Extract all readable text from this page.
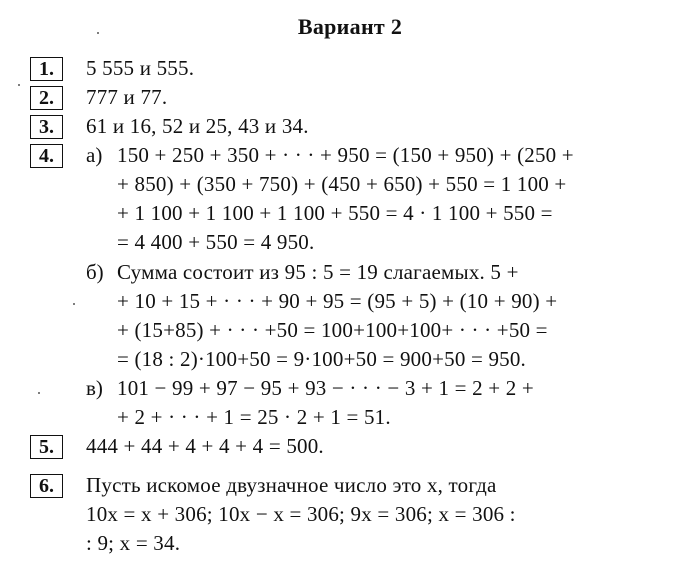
Вариант 2
1.	5 555 и 555.
2.	777 и 77.
3.	61 и 16, 52 и 25, 43 и 34.
4.	а) 150 + 250 + 350 + · · · + 950 = (150 + 950) + (250 +
+ 850) + (350 + 750) + (450 + 650) + 550 = 1 100 +
+ 1 100 + 1 100 + 1 100 + 550 = 4 · 1 100 + 550 =
= 4 400 + 550 = 4 950.
б) Сумма состоит из 95 : 5 = 19 слагаемых. 5 +
+ 10 + 15 + · · · + 90 + 95 = (95 + 5) + (10 + 90) +
+ (15+85) + · · · +50 = 100+100+100+ · · · +50 =
= (18 : 2)·100+50 = 9·100+50 = 900+50 = 950.
в) 101 − 99 + 97 − 95 + 93 − · · · − 3 + 1 = 2 + 2 +
+ 2 + · · · + 1 = 25 · 2 + 1 = 51.
5.	444 + 44 + 4 + 4 + 4 = 500.
6.	Пусть искомое двузначное число это x, тогда
10x = x + 306; 10x − x = 306; 9x = 306; x = 306 :
: 9; x = 34.
